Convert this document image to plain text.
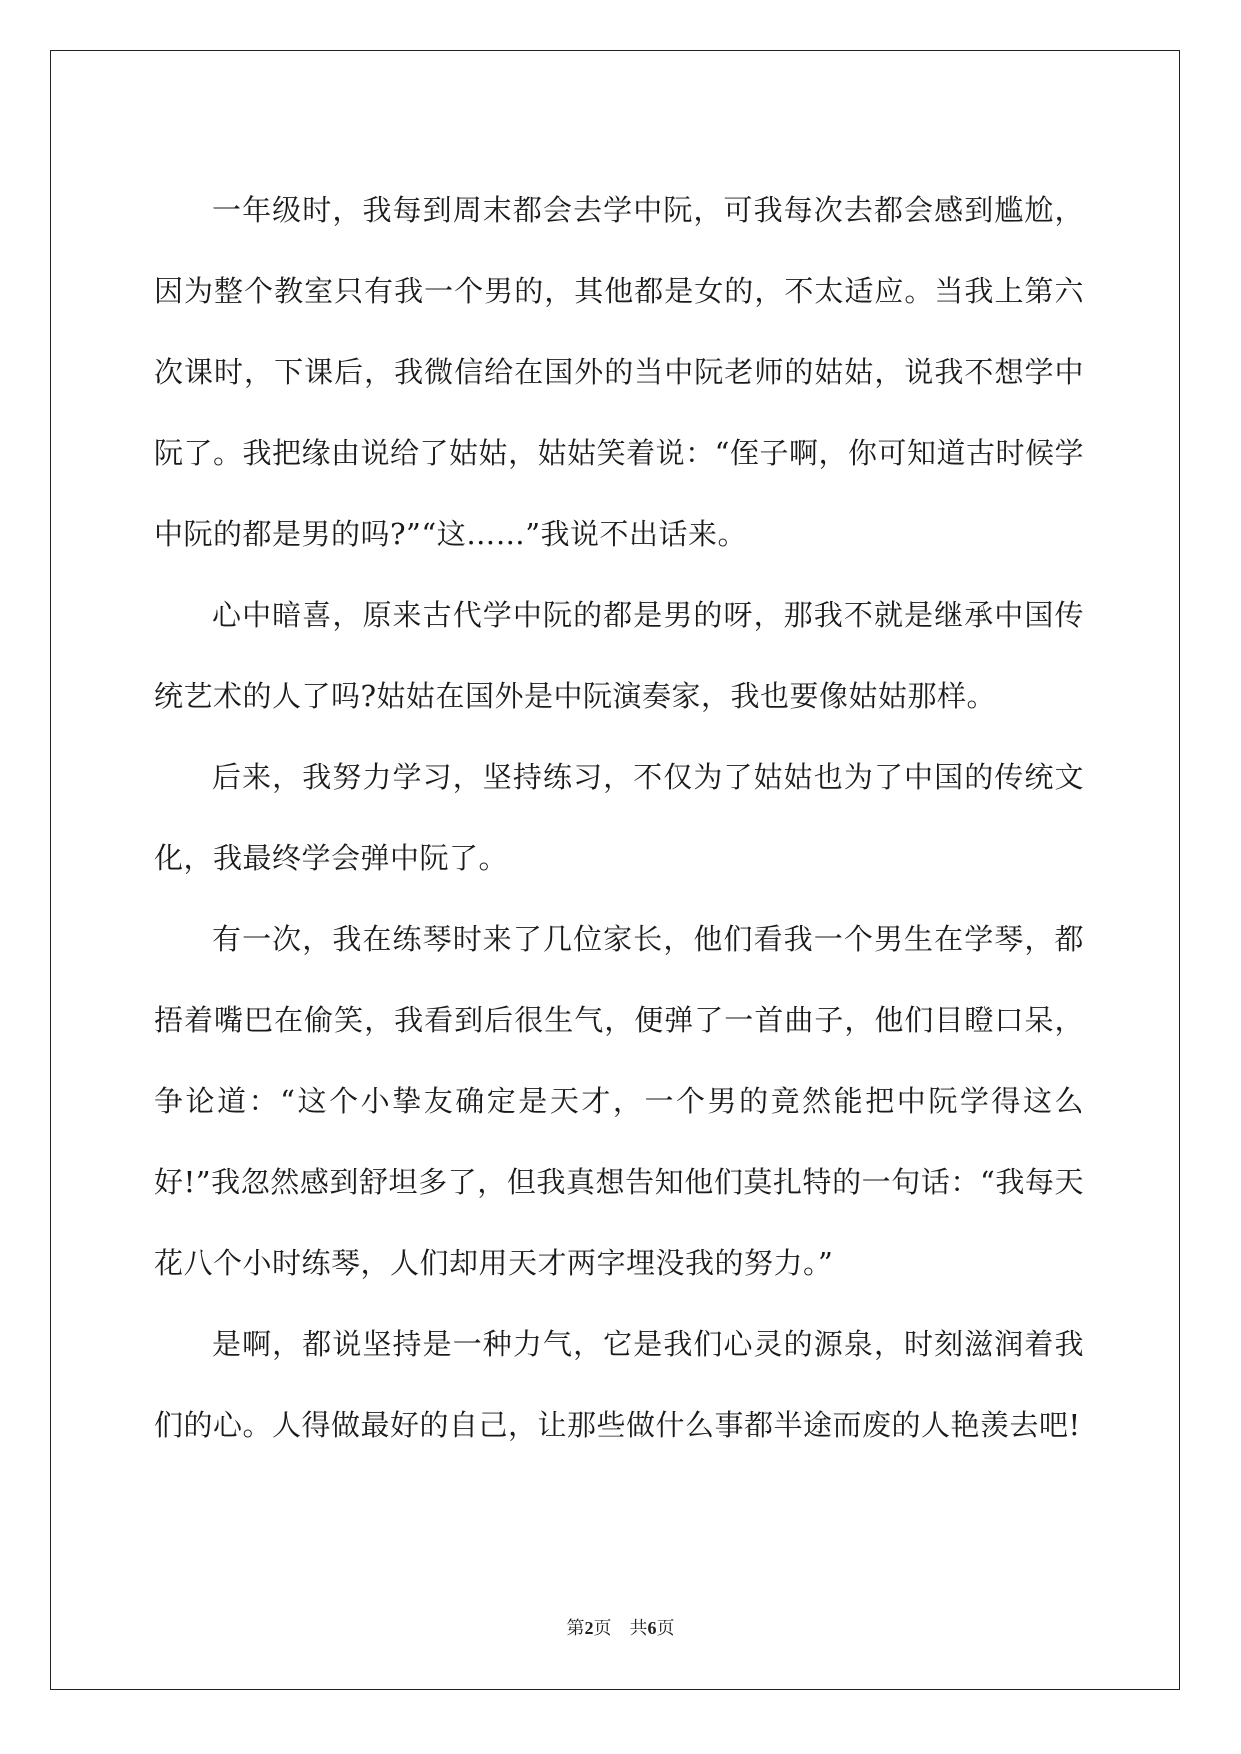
一年级时，我每到周末都会去学中阮，可我每次去都会感到尴尬，因为整个教室只有我一个男的，其他都是女的，不太适应。当我上第六次课时，下课后，我微信给在国外的当中阮老师的姑姑，说我不想学中阮了。我把缘由说给了姑姑，姑姑笑着说：“侄子啊，你可知道古时候学中阮的都是男的吗?”“这……”我说不出话来。

心中暗喜，原来古代学中阮的都是男的呀，那我不就是继承中国传统艺术的人了吗?姑姑在国外是中阮演奏家，我也要像姑姑那样。

后来，我努力学习，坚持练习，不仅为了姑姑也为了中国的传统文化，我最终学会弹中阮了。

有一次，我在练琴时来了几位家长，他们看我一个男生在学琴，都捂着嘴巴在偷笑，我看到后很生气，便弹了一首曲子，他们目瞪口呆，争论道：“这个小挚友确定是天才，一个男的竟然能把中阮学得这么好!”我忽然感到舒坦多了，但我真想告知他们莫扎特的一句话：“我每天花八个小时练琴，人们却用天才两字埋没我的努力。”

是啊，都说坚持是一种力气，它是我们心灵的源泉，时刻滋润着我们的心。人得做最好的自己，让那些做什么事都半途而废的人艳羡去吧!

第2页　共6页
